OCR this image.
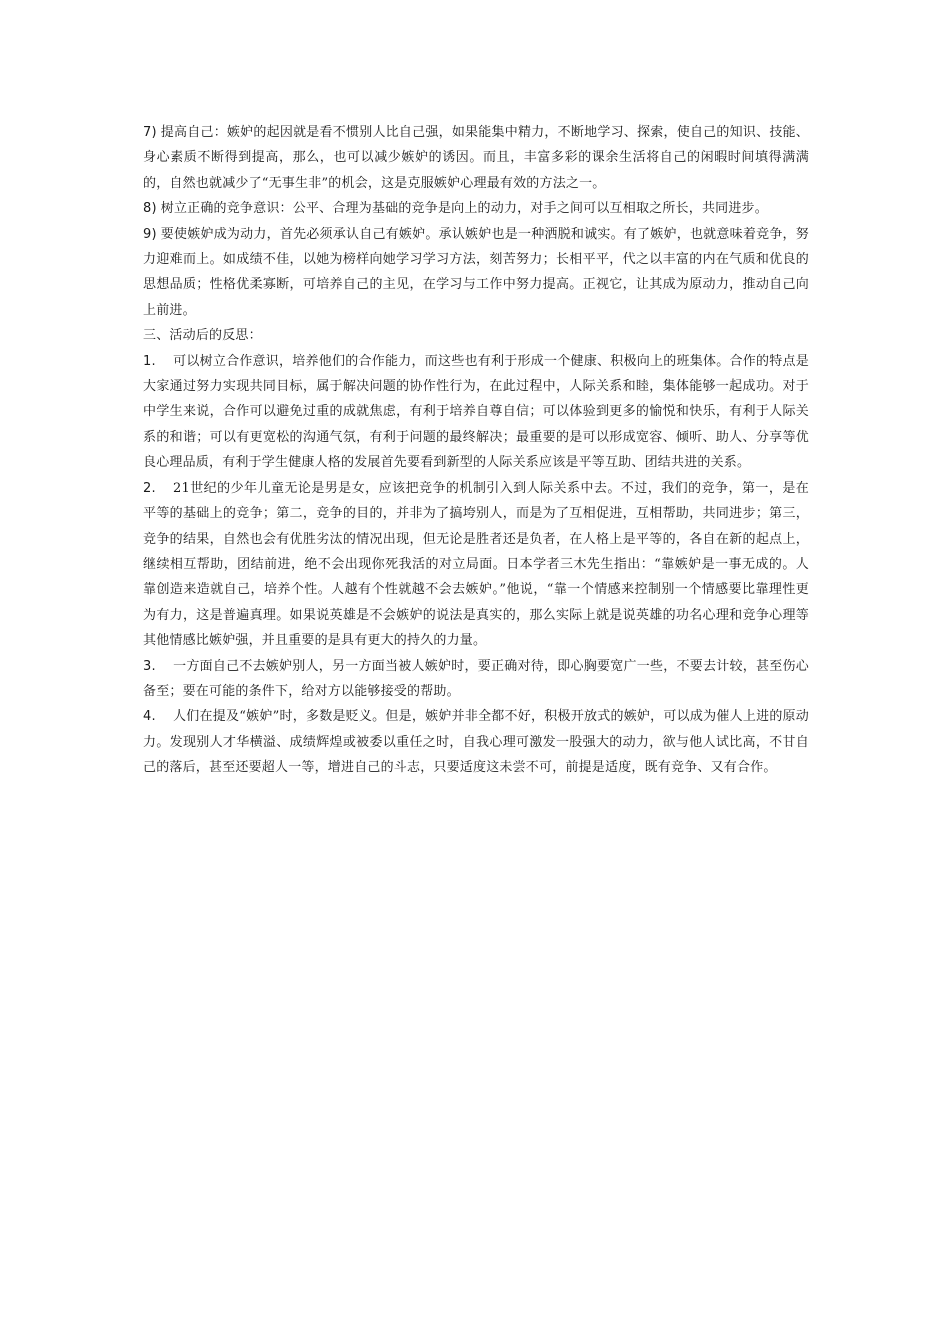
7) 提高自己：嫉妒的起因就是看不惯别人比自己强，如果能集中精力，不断地学习、探索，使自己的知识、技能、身心素质不断得到提高，那么，也可以减少嫉妒的诱因。而且，丰富多彩的课余生活将自己的闲暇时间填得满满的，自然也就减少了“无事生非”的机会，这是克服嫉妒心理最有效的方法之一。

8) 树立正确的竞争意识：公平、合理为基础的竞争是向上的动力，对手之间可以互相取之所长，共同进步。

9) 要使嫉妒成为动力，首先必须承认自己有嫉妒。承认嫉妒也是一种洒脱和诚实。有了嫉妒，也就意味着竞争，努力迎难而上。如成绩不佳，以她为榜样向她学习学习方法，刻苦努力；长相平平，代之以丰富的内在气质和优良的思想品质；性格优柔寡断，可培养自己的主见，在学习与工作中努力提高。正视它，让其成为原动力，推动自己向上前进。

三、活动后的反思：

1.  可以树立合作意识，培养他们的合作能力，而这些也有利于形成一个健康、积极向上的班集体。合作的特点是大家通过努力实现共同目标，属于解决问题的协作性行为，在此过程中，人际关系和睦，集体能够一起成功。对于中学生来说，合作可以避免过重的成就焦虑，有利于培养自尊自信；可以体验到更多的愉悦和快乐，有利于人际关系的和谐；可以有更宽松的沟通气氛，有利于问题的最终解决；最重要的是可以形成宽容、倾听、助人、分享等优良心理品质，有利于学生健康人格的发展首先要看到新型的人际关系应该是平等互助、团结共进的关系。

2.  21世纪的少年儿童无论是男是女，应该把竞争的机制引入到人际关系中去。不过，我们的竞争，第一，是在平等的基础上的竞争；第二，竞争的目的，并非为了搞垮别人，而是为了互相促进，互相帮助，共同进步；第三，竞争的结果，自然也会有优胜劣汰的情况出现，但无论是胜者还是负者，在人格上是平等的，各自在新的起点上，继续相互帮助，团结前进，绝不会出现你死我活的对立局面。日本学者三木先生指出：“靠嫉妒是一事无成的。人靠创造来造就自己，培养个性。人越有个性就越不会去嫉妒。”他说，“靠一个情感来控制别一个情感要比靠理性更为有力，这是普遍真理。如果说英雄是不会嫉妒的说法是真实的，那么实际上就是说英雄的功名心理和竞争心理等其他情感比嫉妒强，并且重要的是具有更大的持久的力量。

3.  一方面自己不去嫉妒别人，另一方面当被人嫉妒时，要正确对待，即心胸要宽广一些，不要去计较，甚至伤心备至；要在可能的条件下，给对方以能够接受的帮助。

4.  人们在提及“嫉妒”时，多数是贬义。但是，嫉妒并非全都不好，积极开放式的嫉妒，可以成为催人上进的原动力。发现别人才华横溢、成绩辉煌或被委以重任之时，自我心理可激发一股强大的动力，欲与他人试比高，不甘自己的落后，甚至还要超人一等，增进自己的斗志，只要适度这未尝不可，前提是适度，既有竞争、又有合作。
